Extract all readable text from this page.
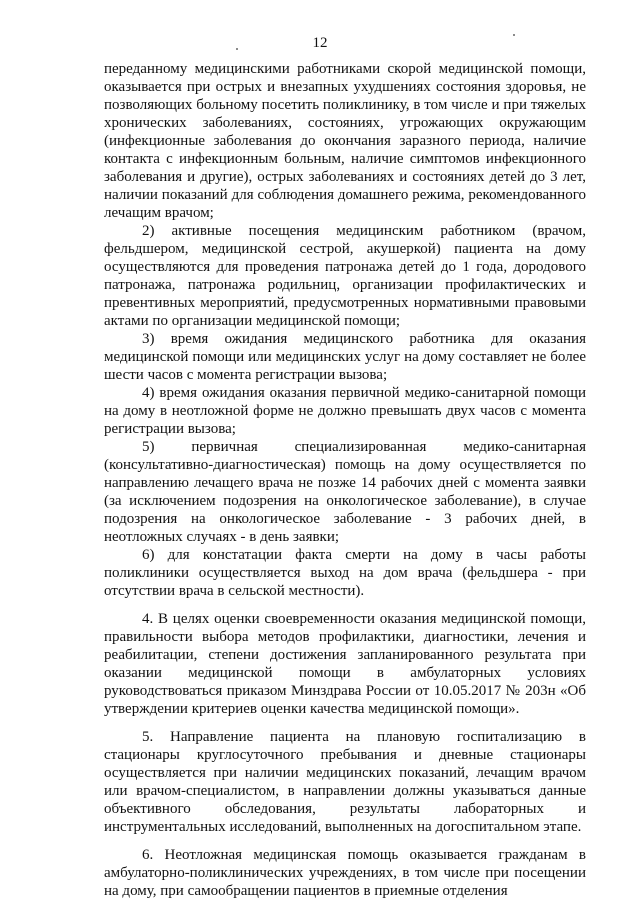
12

переданному медицинскими работниками скорой медицинской помощи, оказывается при острых и внезапных ухудшениях состояния здоровья, не позволяющих больному посетить поликлинику, в том числе и при тяжелых хронических заболеваниях, состояниях, угрожающих окружающим (инфекционные заболевания до окончания заразного периода, наличие контакта с инфекционным больным, наличие симптомов инфекционного заболевания и другие), острых заболеваниях и состояниях детей до 3 лет, наличии показаний для соблюдения домашнего режима, рекомендованного лечащим врачом;

2) активные посещения медицинским работником (врачом, фельдшером, медицинской сестрой, акушеркой) пациента на дому осуществляются для проведения патронажа детей до 1 года, дородового патронажа, патронажа родильниц, организации профилактических и превентивных мероприятий, предусмотренных нормативными правовыми актами по организации медицинской помощи;

3) время ожидания медицинского работника для оказания медицинской помощи или медицинских услуг на дому составляет не более шести часов с момента регистрации вызова;

4) время ожидания оказания первичной медико-санитарной помощи на дому в неотложной форме не должно превышать двух часов с момента регистрации вызова;

5) первичная специализированная медико-санитарная (консультативно-диагностическая) помощь на дому осуществляется по направлению лечащего врача не позже 14 рабочих дней с момента заявки (за исключением подозрения на онкологическое заболевание), в случае подозрения на онкологическое заболевание - 3 рабочих дней, в неотложных случаях - в день заявки;

6) для констатации факта смерти на дому в часы работы поликлиники осуществляется выход на дом врача (фельдшера - при отсутствии врача в сельской местности).

4. В целях оценки своевременности оказания медицинской помощи, правильности выбора методов профилактики, диагностики, лечения и реабилитации, степени достижения запланированного результата при оказании медицинской помощи в амбулаторных условиях руководствоваться приказом Минздрава России от 10.05.2017 № 203н «Об утверждении критериев оценки качества медицинской помощи».

5. Направление пациента на плановую госпитализацию в стационары круглосуточного пребывания и дневные стационары осуществляется при наличии медицинских показаний, лечащим врачом или врачом-специалистом, в направлении должны указываться данные объективного обследования, результаты лабораторных и инструментальных исследований, выполненных на догоспитальном этапе.

6. Неотложная медицинская помощь оказывается гражданам в амбулаторно-поликлинических учреждениях, в том числе при посещении на дому, при самообращении пациентов в приемные отделения
